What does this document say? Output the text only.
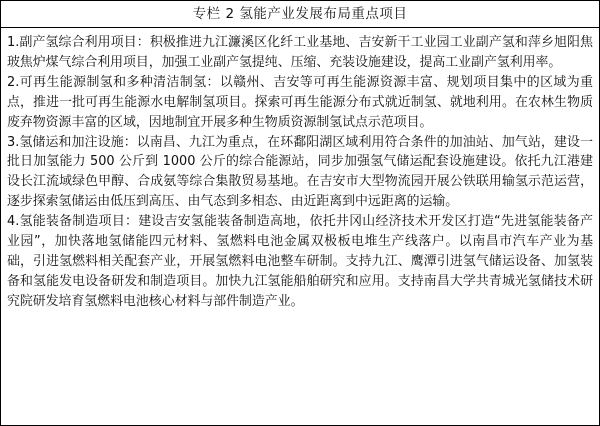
专栏 2 氢能产业发展布局重点项目

1.副产氢综合利用项目：积极推进九江濂溪区化纤工业基地、吉安新干工业园工业副产氢和萍乡旭阳焦玻焦炉煤气综合利用项目，加强工业副产氢提纯、压缩、充装设施建设，提高工业副产氢利用率。

2.可再生能源制氢和多种清洁制氢：以赣州、吉安等可再生能源资源丰富、规划项目集中的区域为重点，推进一批可再生能源水电解制氢项目。探索可再生能源分布式就近制氢、就地利用。在农林生物质废弃物资源丰富的区域，因地制宜开展多种生物质资源制氢试点示范项目。

3.氢储运和加注设施：以南昌、九江为重点，在环鄱阳湖区域利用符合条件的加油站、加气站，建设一批日加氢能力 500 公斤到 1000 公斤的综合能源站，同步加强氢气储运配套设施建设。依托九江港建设长江流域绿色甲醇、合成氨等综合集散贸易基地。在吉安市大型物流园开展公铁联用输氢示范运营，逐步探索氢储运由低压到高压、由气态到多相态、由近距离到中远距离的运输。

4.氢能装备制造项目：建设吉安氢能装备制造高地，依托井冈山经济技术开发区打造“先进氢能装备产业园”，加快落地氢储能四元材料、氢燃料电池金属双极板电堆生产线落户。以南昌市汽车产业为基础，引进氢燃料相关配套产业，开展氢燃料电池整车研制。支持九江、鹰潭引进氢气储运设备、加氢装备和氢能发电设备研发和制造项目。加快九江氢能船舶研究和应用。支持南昌大学共青城光氢储技术研究院研发培育氢燃料电池核心材料与部件制造产业。
